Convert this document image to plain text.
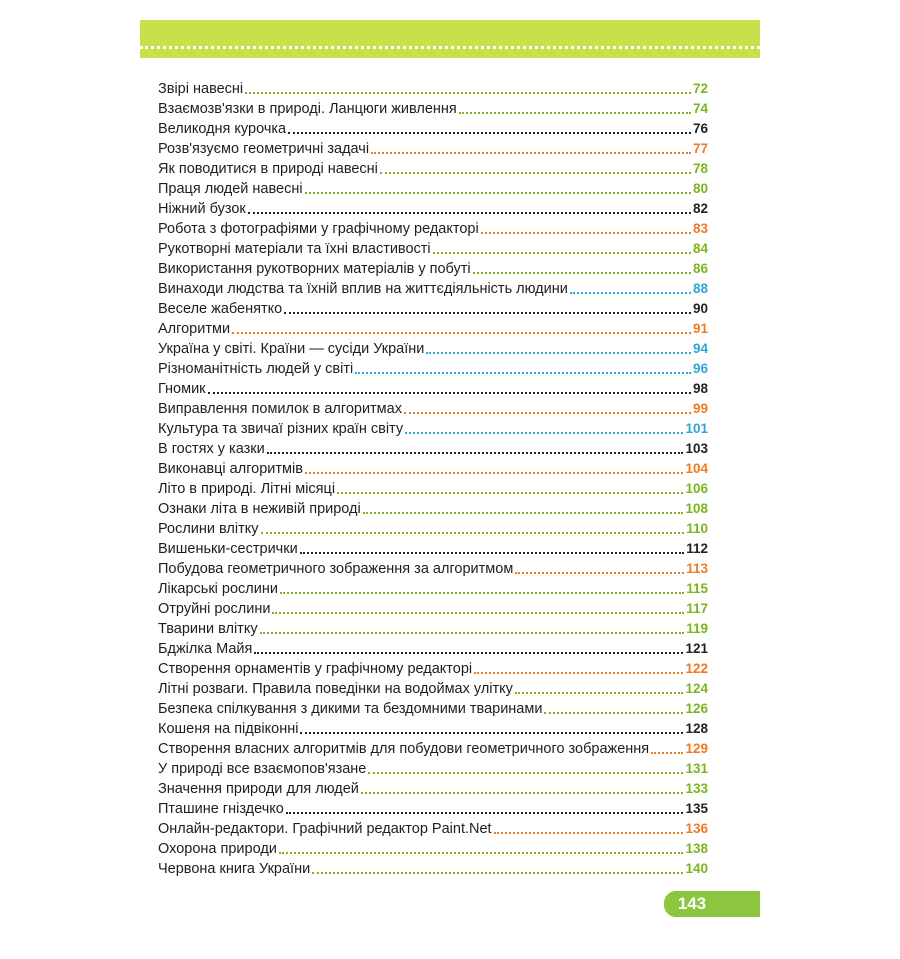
Звірі навесні	72
Взаємозв'язки в природі. Ланцюги живлення	74
Великодня курочка	76
Розв'язуємо геометричні задачі	77
Як поводитися в природі навесні	78
Праця людей навесні	80
Ніжний бузок	82
Робота з фотографіями у графічному редакторі	83
Рукотворні матеріали та їхні властивості	84
Використання рукотворних матеріалів у побуті	86
Винаходи людства та їхній вплив на життєдіяльність людини	88
Веселе жабенятко	90
Алгоритми	91
Україна у світі. Країни — сусіди України	94
Різноманітність людей у світі	96
Гномик	98
Виправлення помилок в алгоритмах	99
Культура та звичаї різних країн світу	101
В гостях у казки	103
Виконавці алгоритмів	104
Літо в природі. Літні місяці	106
Ознаки літа в неживій природі	108
Рослини влітку	110
Вишеньки-сестрички	112
Побудова геометричного зображення за алгоритмом	113
Лікарські рослини	115
Отруйні рослини	117
Тварини влітку	119
Бджілка Майя	121
Створення орнаментів у графічному редакторі	122
Літні розваги. Правила поведінки на водоймах улітку	124
Безпека спілкування з дикими та бездомними тваринами	126
Кошеня на підвіконні	128
Створення власних алгоритмів для побудови геометричного зображення	129
У природі все взаємопов'язане	131
Значення природи для людей	133
Пташине гніздечко	135
Онлайн-редактори. Графічний редактор Paint.Net	136
Охорона природи	138
Червона книга України	140
143
